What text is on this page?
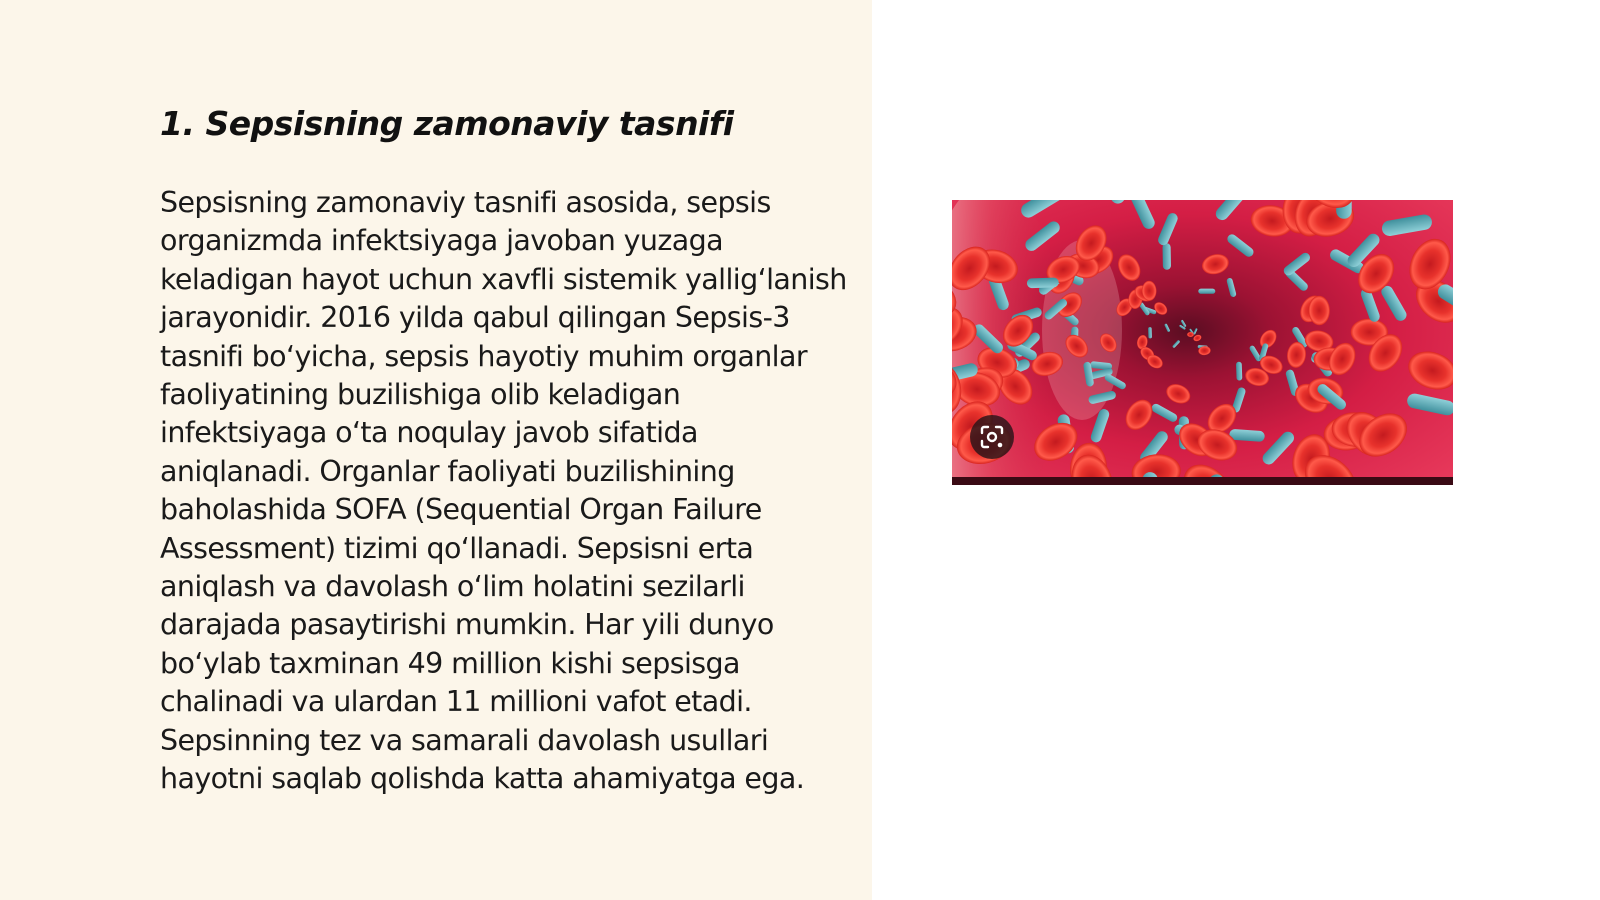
1. Sepsisning zamonaviy tasnifi

Sepsisning zamonaviy tasnifi asosida, sepsis organizmda infektsiyaga javoban yuzaga keladigan hayot uchun xavfli sistemik yallig‘lanish jarayonidir. 2016 yilda qabul qilingan Sepsis-3 tasnifi bo‘yicha, sepsis hayotiy muhim organlar faoliyatining buzilishiga olib keladigan infektsiyaga o‘ta noqulay javob sifatida aniqlanadi. Organlar faoliyati buzilishining baholashida SOFA (Sequential Organ Failure Assessment) tizimi qo‘llanadi. Sepsisni erta aniqlash va davolash o‘lim holatini sezilarli darajada pasaytirishi mumkin. Har yili dunyo bo‘ylab taxminan 49 million kishi sepsisga chalinadi va ulardan 11 millioni vafot etadi. Sepsinning tez va samarali davolash usullari hayotni saqlab qolishda katta ahamiyatga ega.
